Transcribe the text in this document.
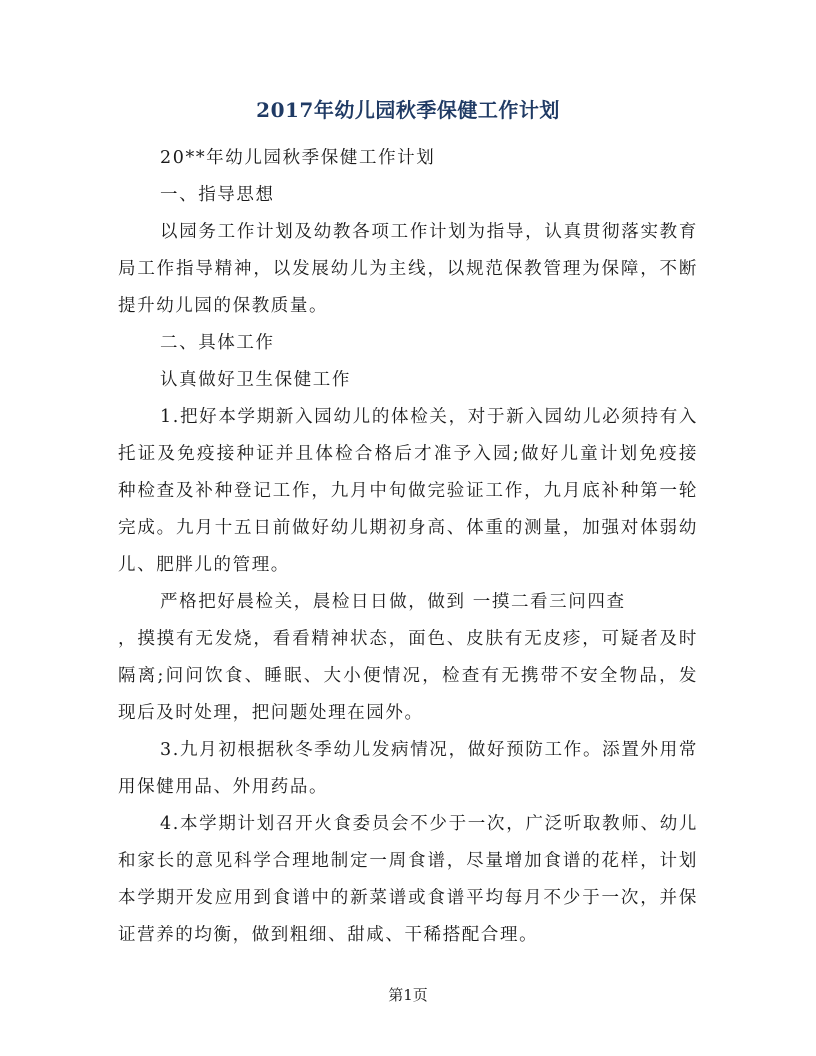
2017年幼儿园秋季保健工作计划

20**年幼儿园秋季保健工作计划

一、指导思想

以园务工作计划及幼教各项工作计划为指导，认真贯彻落实教育局工作指导精神，以发展幼儿为主线，以规范保教管理为保障，不断提升幼儿园的保教质量。

二、具体工作

认真做好卫生保健工作

1.把好本学期新入园幼儿的体检关，对于新入园幼儿必须持有入托证及免疫接种证并且体检合格后才准予入园;做好儿童计划免疫接种检查及补种登记工作，九月中旬做完验证工作，九月底补种第一轮完成。九月十五日前做好幼儿期初身高、体重的测量，加强对体弱幼儿、肥胖儿的管理。

严格把好晨检关，晨检日日做，做到 一摸二看三问四查

，摸摸有无发烧，看看精神状态，面色、皮肤有无皮疹，可疑者及时隔离;问问饮食、睡眠、大小便情况，检查有无携带不安全物品，发现后及时处理，把问题处理在园外。

3.九月初根据秋冬季幼儿发病情况，做好预防工作。添置外用常用保健用品、外用药品。

4.本学期计划召开火食委员会不少于一次，广泛听取教师、幼儿和家长的意见科学合理地制定一周食谱，尽量增加食谱的花样，计划本学期开发应用到食谱中的新菜谱或食谱平均每月不少于一次，并保证营养的均衡，做到粗细、甜咸、干稀搭配合理。

第1页
